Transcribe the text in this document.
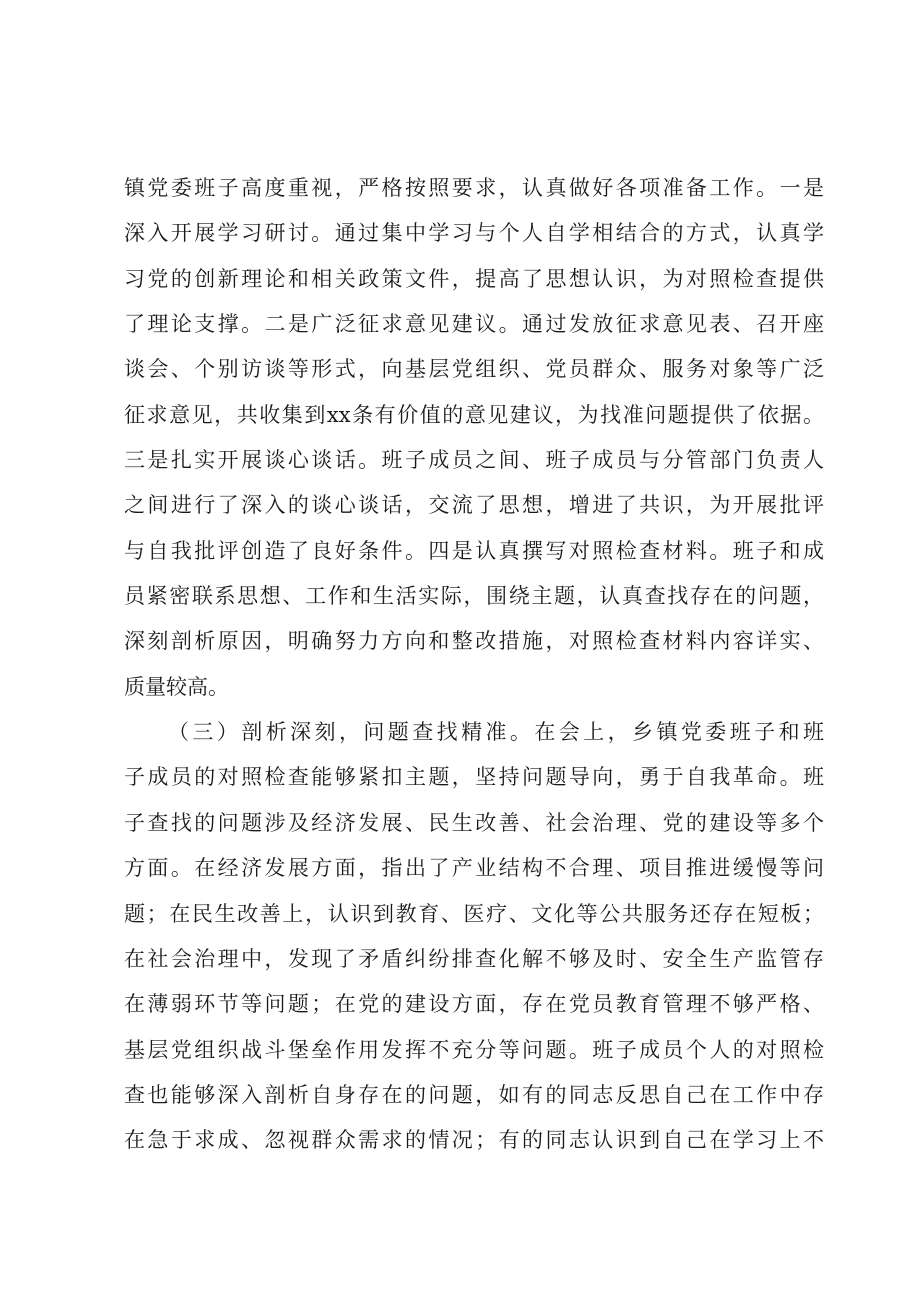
镇党委班子高度重视，严格按照要求，认真做好各项准备工作。一是
深入开展学习研讨。通过集中学习与个人自学相结合的方式，认真学
习党的创新理论和相关政策文件，提高了思想认识，为对照检查提供
了理论支撑。二是广泛征求意见建议。通过发放征求意见表、召开座
谈会、个别访谈等形式，向基层党组织、党员群众、服务对象等广泛
征求意见，共收集到xx条有价值的意见建议，为找准问题提供了依据。
三是扎实开展谈心谈话。班子成员之间、班子成员与分管部门负责人
之间进行了深入的谈心谈话，交流了思想，增进了共识，为开展批评
与自我批评创造了良好条件。四是认真撰写对照检查材料。班子和成
员紧密联系思想、工作和生活实际，围绕主题，认真查找存在的问题，
深刻剖析原因，明确努力方向和整改措施，对照检查材料内容详实、
质量较高。
（三）剖析深刻，问题查找精准。在会上，乡镇党委班子和班
子成员的对照检查能够紧扣主题，坚持问题导向，勇于自我革命。班
子查找的问题涉及经济发展、民生改善、社会治理、党的建设等多个
方面。在经济发展方面，指出了产业结构不合理、项目推进缓慢等问
题；在民生改善上，认识到教育、医疗、文化等公共服务还存在短板；
在社会治理中，发现了矛盾纠纷排查化解不够及时、安全生产监管存
在薄弱环节等问题；在党的建设方面，存在党员教育管理不够严格、
基层党组织战斗堡垒作用发挥不充分等问题。班子成员个人的对照检
查也能够深入剖析自身存在的问题，如有的同志反思自己在工作中存
在急于求成、忽视群众需求的情况；有的同志认识到自己在学习上不
